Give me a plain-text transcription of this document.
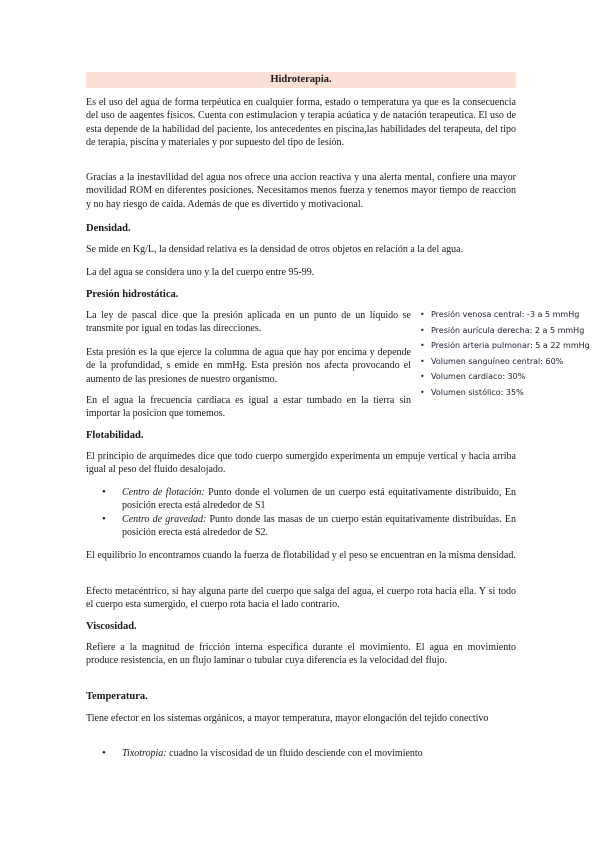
Hidroterapia.

Es el uso del agua de forma terpéutica en cualquier forma, estado o temperatura ya que es la consecuencia del uso de aagentes físicos. Cuenta con estimulacion y terapia acúatica y de natación terapeutica. El uso de esta depende de la habilidad del paciente, los antecedentes en piscina,las habilidades del terapeuta, del tipo de terapia, piscina y materiales y por supuesto del tipo de lesión.

Gracias a la inestavilidad del agua nos ofrece una accion reactiva y una alerta mental, confiere una mayor movilidad ROM en diferentes posiciones. Necesitamos menos fuerza y tenemos mayor tiempo de reaccion y no hay riesgo de caida. Además de que es divertido y motivacional.

Densidad.

Se mide en Kg/L, la densidad relativa es la densidad de otros objetos en relación a la del agua.

La del agua se considera uno y la del cuerpo entre 95-99.

Presión hidrostática.

La ley de pascal dice que la presión aplicada en un punto de un líquido se transmite por igual en todas las direcciones.

Esta presión es la que ejerce la columna de agua que hay por encima y depende de la profundidad, s emide en mmHg. Esta presión nos afecta provocando el aumento de las presiones de nuestro organismo.

En el agua la frecuencia cardiaca es igual a estar tumbado en la tierra sin importar la posicion que tomemos.

Flotabilidad.

El principio de arquímedes dice que todo cuerpo sumergido experimenta un empuje vertical y hacia arriba igual al peso del fluido desalojado.

• Centro de flotación: Punto donde el volumen de un cuerpo está equitativamente distribuido, En posición erecta está alrededor de S1
• Centro de gravedad: Punto donde las masas de un cuerpo están equitativamente distribuidas. En posición erecta está alrededor de S2.

El equilibrio lo encontramos cuando la fuerza de flotabilidad y el peso se encuentran en la misma densidad.

Efecto metacéntrico, si hay alguna parte del cuerpo que salga del agua, el cuerpo rota hacia ella. Y si todo el cuerpo esta sumergido, el cuerpo rota hacia el lado contrario.

Viscosidad.

Refiere a la magnitud de fricción interna específica durante el movimiento. El agua en movimiento produce resistencia, en un flujo laminar o tubular cuya diferencia es la velocidad del flujo.

Temperatura.

Tiene efector en los sistemas orgánicos, a mayor temperatura, mayor elongación del tejido conectivo

• Tixotropia: cuadno la viscosidad de un fluido desciende con el movimiento
• Presión venosa central: -3 a 5 mmHg
• Presión aurícula derecha: 2 a 5 mmHg
• Presión arteria pulmonar: 5 a 22 mmHg
• Volumen sanguíneo central: 60%
• Volumen cardiaco: 30%
• Volumen sistólico: 35%
